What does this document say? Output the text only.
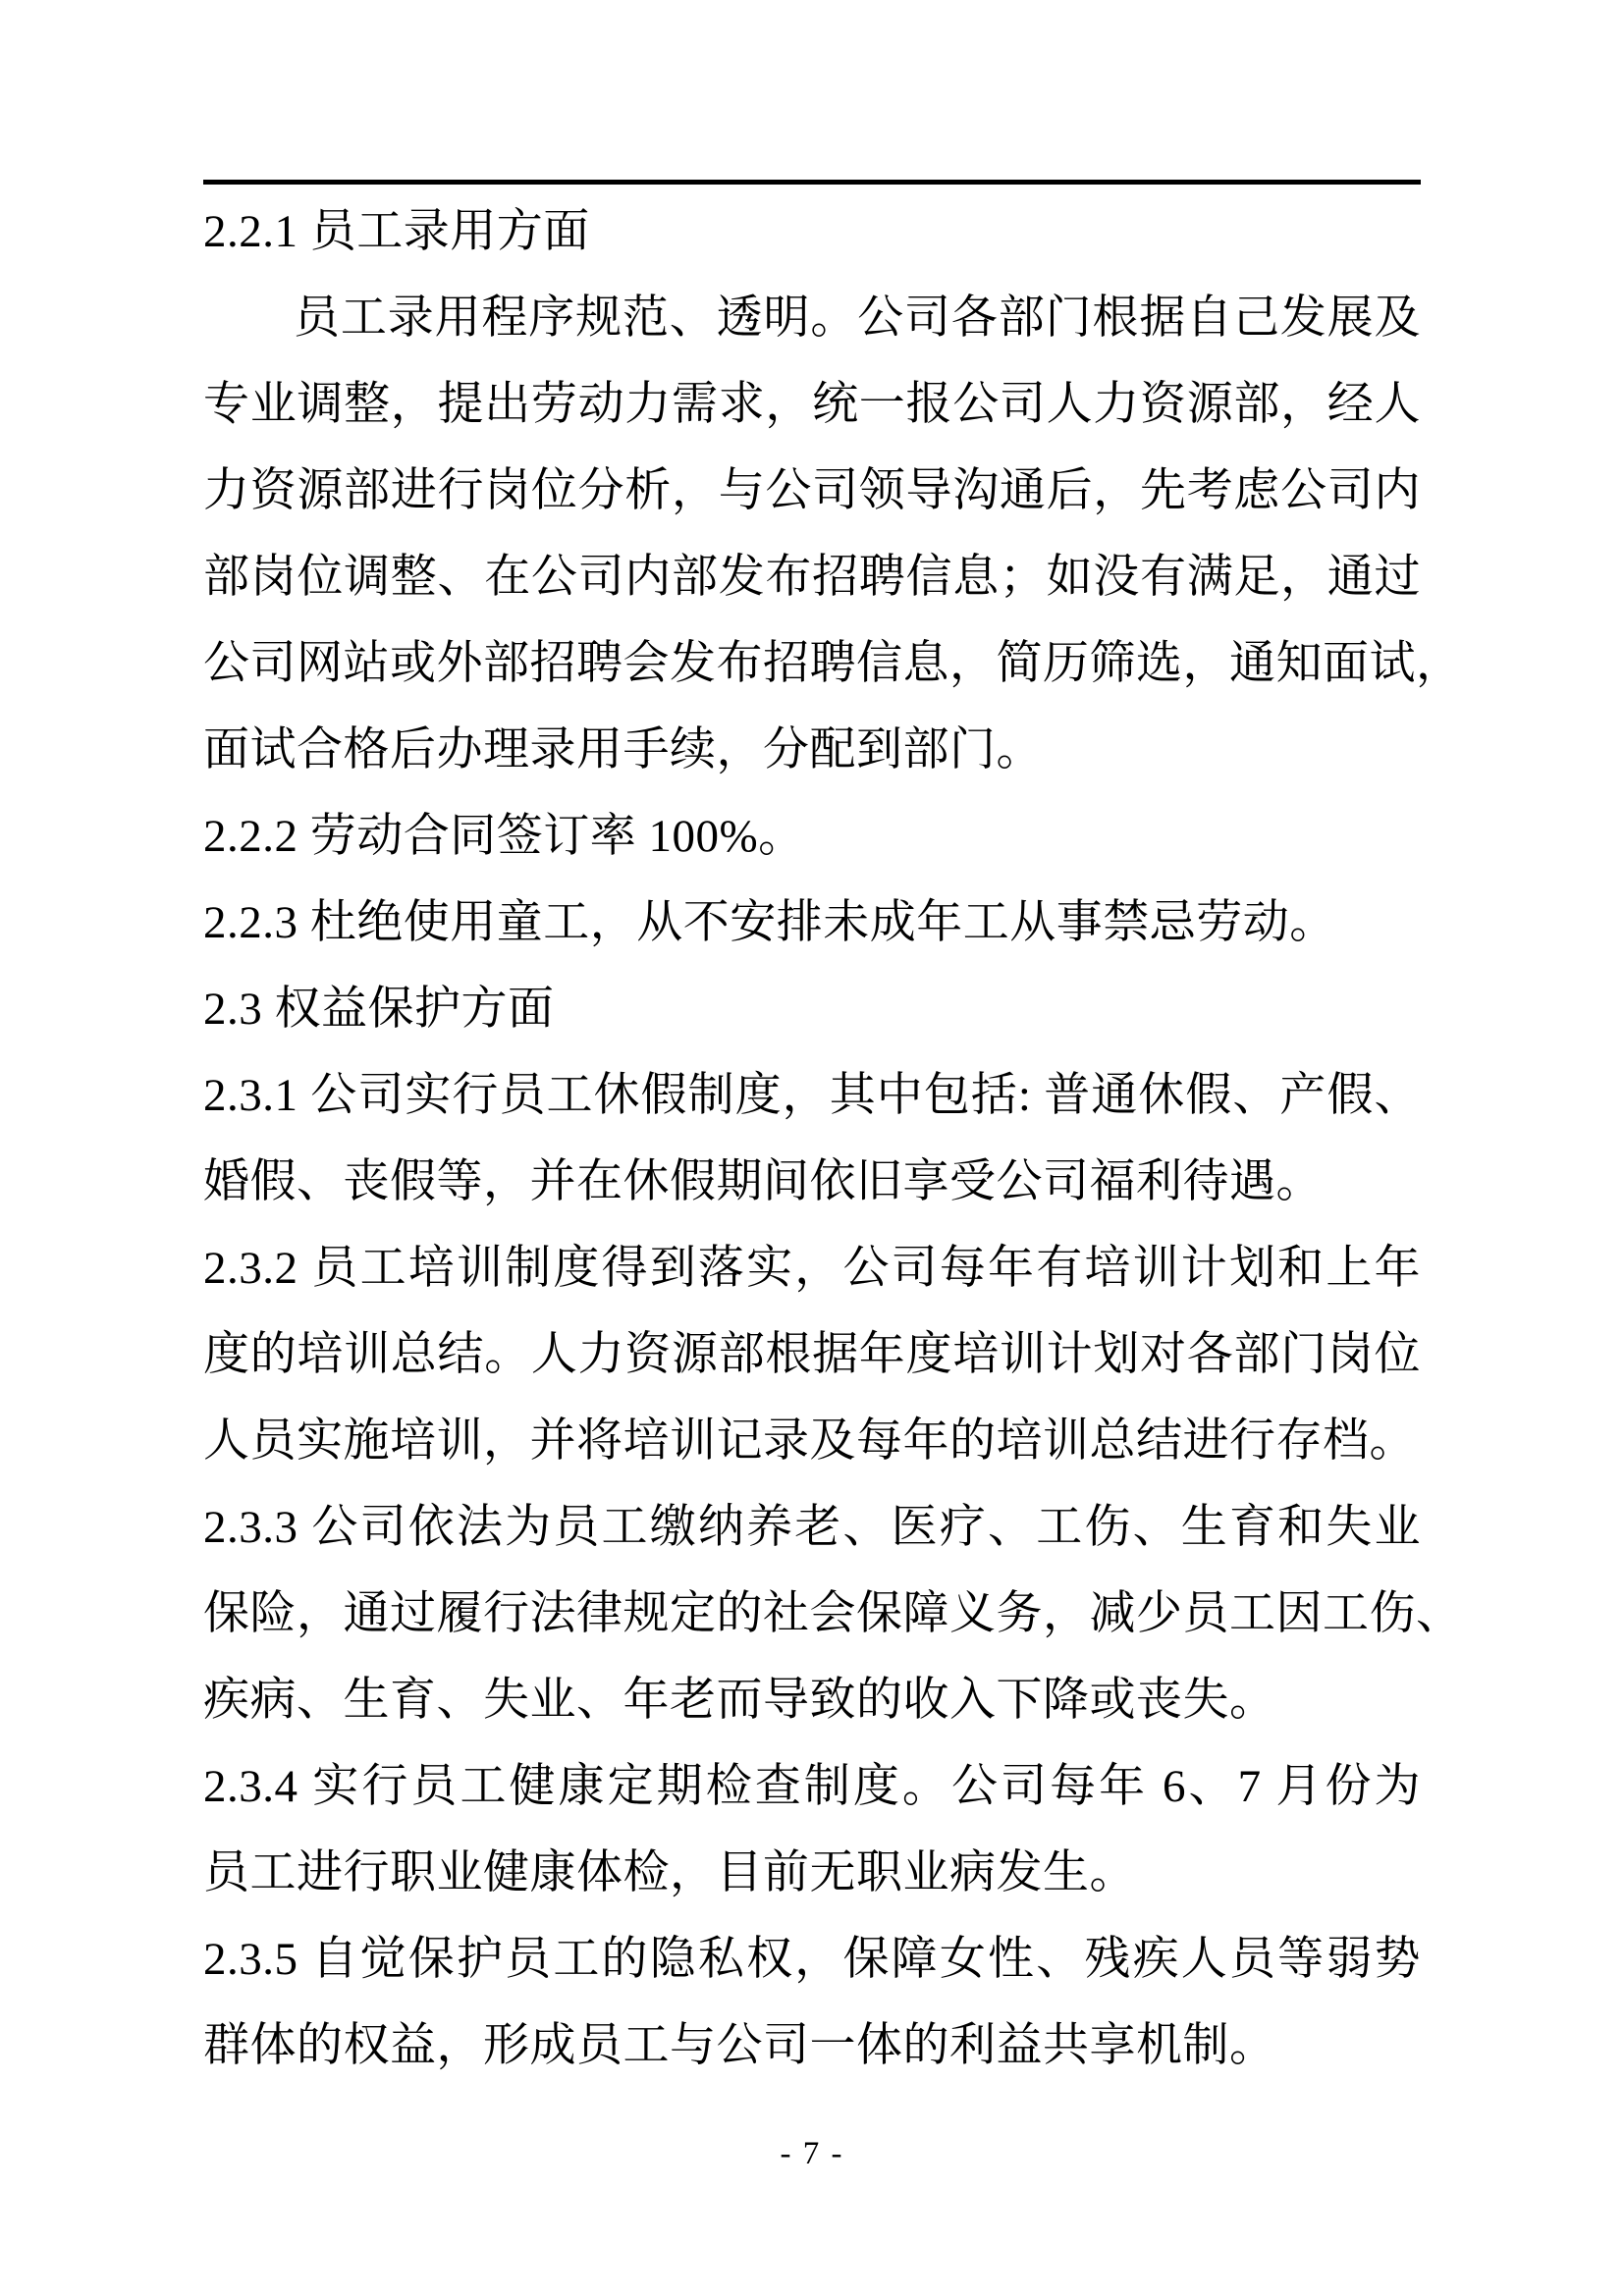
2.2.1 员工录用方面
员工录用程序规范、透明。公司各部门根据自己发展及
专业调整，提出劳动力需求，统一报公司人力资源部，经人
力资源部进行岗位分析，与公司领导沟通后，先考虑公司内
部岗位调整、在公司内部发布招聘信息；如没有满足，通过
公司网站或外部招聘会发布招聘信息，简历筛选，通知面试，
面试合格后办理录用手续，分配到部门。
2.2.2 劳动合同签订率 100%。
2.2.3 杜绝使用童工，从不安排未成年工从事禁忌劳动。
2.3 权益保护方面
2.3.1 公司实行员工休假制度，其中包括: 普通休假、产假、
婚假、丧假等，并在休假期间依旧享受公司福利待遇。
2.3.2 员工培训制度得到落实，公司每年有培训计划和上年
度的培训总结。人力资源部根据年度培训计划对各部门岗位
人员实施培训，并将培训记录及每年的培训总结进行存档。
2.3.3 公司依法为员工缴纳养老、医疗、工伤、生育和失业
保险，通过履行法律规定的社会保障义务，减少员工因工伤、
疾病、生育、失业、年老而导致的收入下降或丧失。
2.3.4 实行员工健康定期检查制度。公司每年 6、7 月份为
员工进行职业健康体检，目前无职业病发生。
2.3.5 自觉保护员工的隐私权，保障女性、残疾人员等弱势
群体的权益，形成员工与公司一体的利益共享机制。
- 7 -
